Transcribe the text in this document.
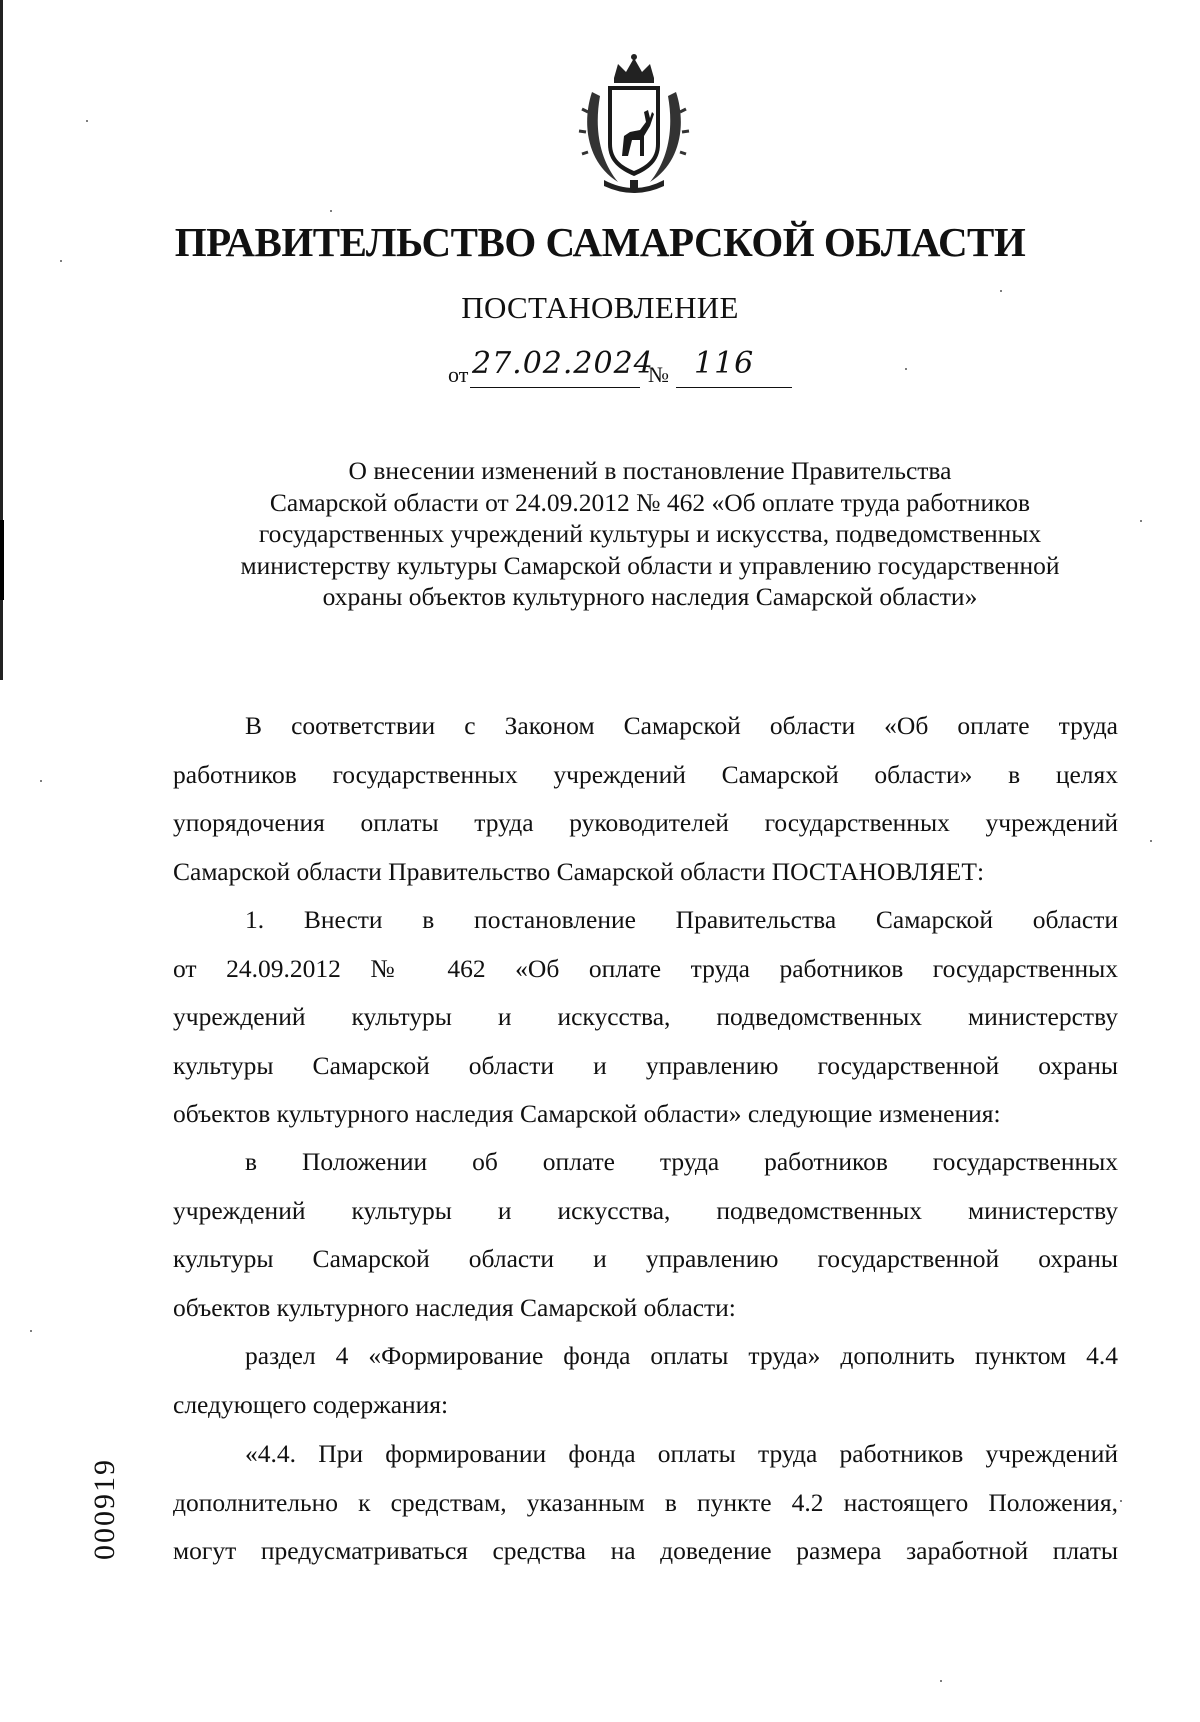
ПРАВИТЕЛЬСТВО САМАРСКОЙ ОБЛАСТИ
ПОСТАНОВЛЕНИЕ
от 27.02.2024
№ 116
О внесении изменений в постановление Правительства
Самарской области от 24.09.2012 № 462 «Об оплате труда работников
государственных учреждений культуры и искусства, подведомственных
министерству культуры Самарской области и управлению государственной
охраны объектов культурного наследия Самарской области»
В соответствии с Законом Самарской области «Об оплате труда
работников государственных учреждений Самарской области» в целях
упорядочения оплаты труда руководителей государственных учреждений
Самарской области Правительство Самарской области ПОСТАНОВЛЯЕТ:
1. Внести в постановление Правительства Самарской области
от 24.09.2012 № 462 «Об оплате труда работников государственных
учреждений культуры и искусства, подведомственных министерству
культуры Самарской области и управлению государственной охраны
объектов культурного наследия Самарской области» следующие изменения:
в Положении об оплате труда работников государственных
учреждений культуры и искусства, подведомственных министерству
культуры Самарской области и управлению государственной охраны
объектов культурного наследия Самарской области:
раздел 4 «Формирование фонда оплаты труда» дополнить пунктом 4.4
следующего содержания:
«4.4. При формировании фонда оплаты труда работников учреждений
дополнительно к средствам, указанным в пункте 4.2 настоящего Положения,
могут предусматриваться средства на доведение размера заработной платы
000919
